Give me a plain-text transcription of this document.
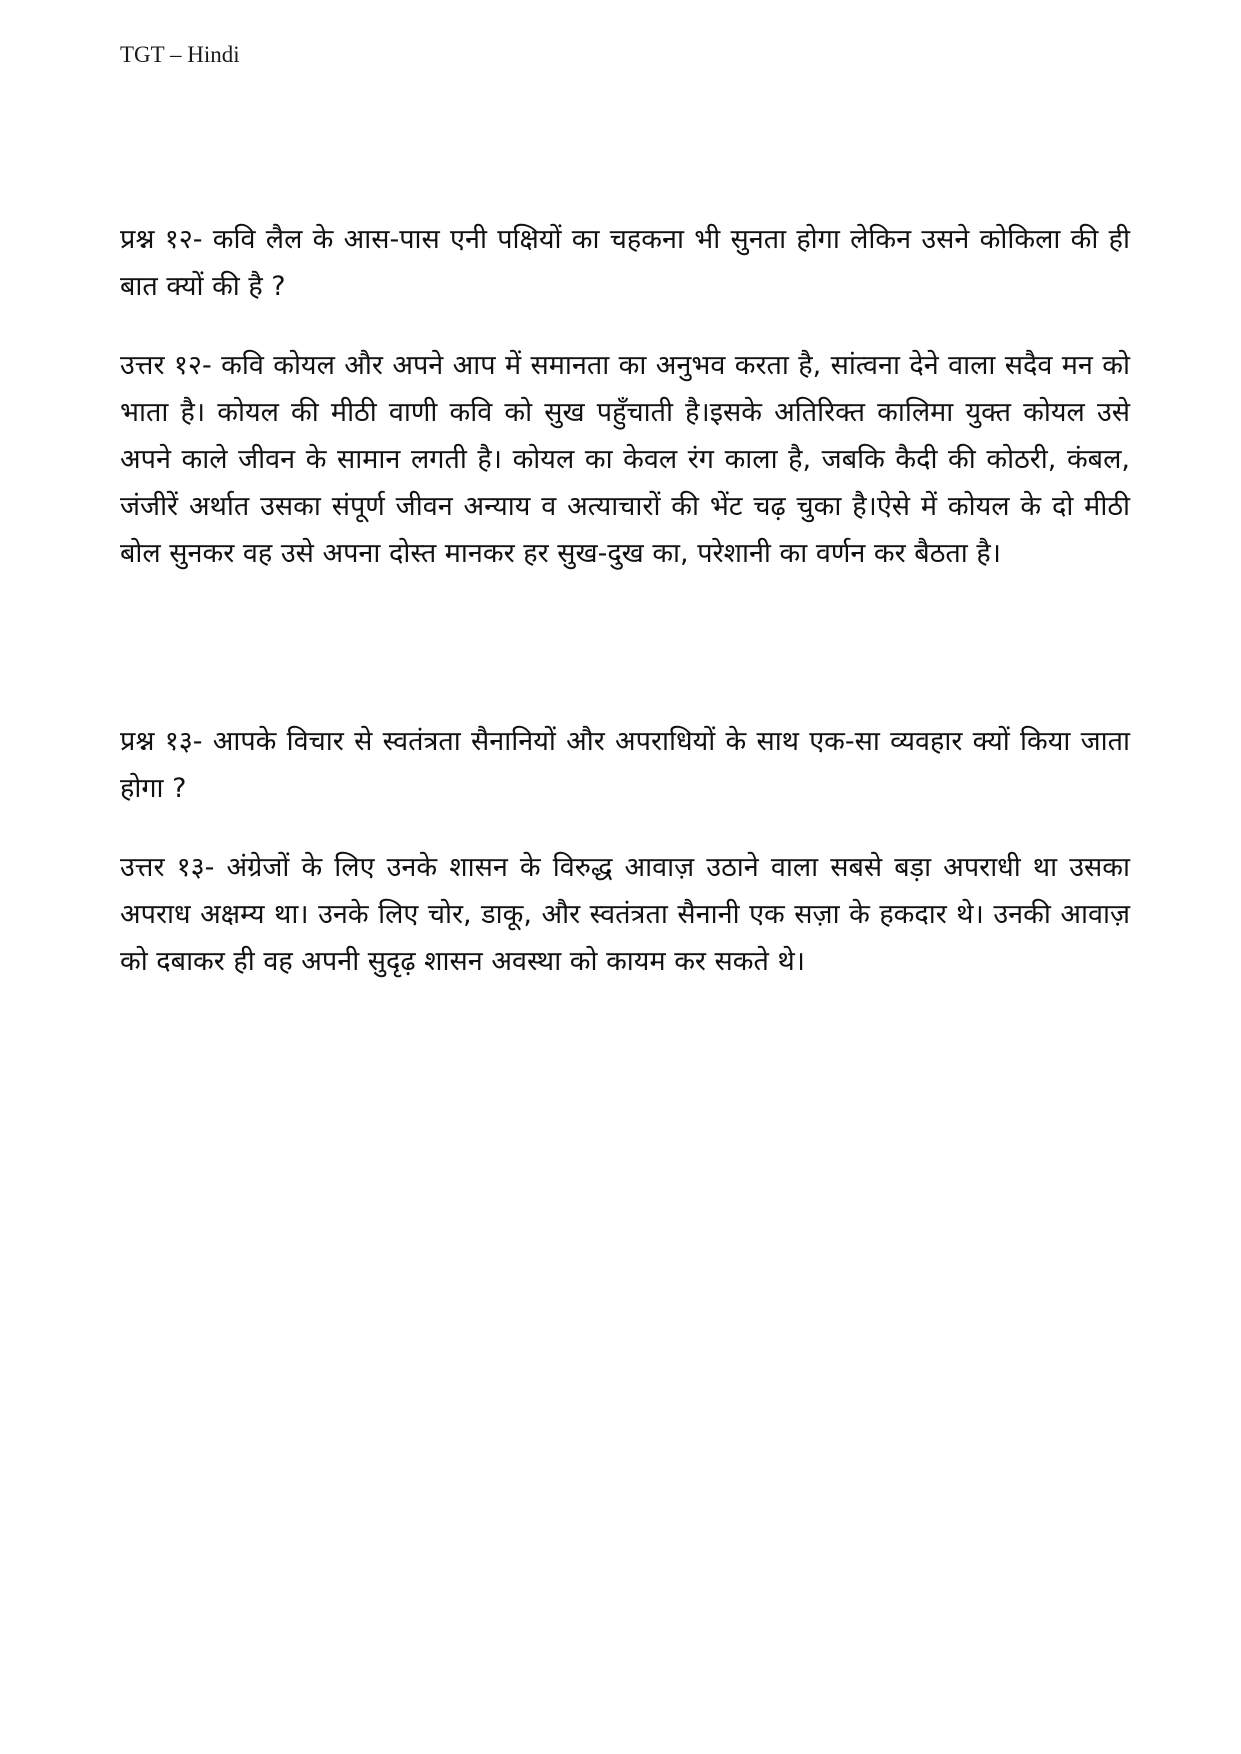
TGT – Hindi

प्रश्न १२- कवि लैल के आस-पास एनी पक्षियों का चहकना भी सुनता होगा लेकिन उसने कोकिला की ही बात क्यों की है ?

उत्तर १२- कवि कोयल और अपने आप में समानता का अनुभव करता है, सांत्वना देने वाला सदैव मन को भाता है। कोयल की मीठी वाणी कवि को सुख पहुँचाती है।इसके अतिरिक्त कालिमा युक्त कोयल उसे अपने काले जीवन के सामान लगती है। कोयल का केवल रंग काला है, जबकि कैदी की कोठरी, कंबल, जंजीरें अर्थात उसका संपूर्ण जीवन अन्याय व अत्याचारों की भेंट चढ़ चुका है।ऐसे में कोयल के दो मीठी बोल सुनकर वह उसे अपना दोस्त मानकर हर सुख-दुख का, परेशानी का वर्णन कर बैठता है।

प्रश्न १३- आपके विचार से स्वतंत्रता सैनानियों और अपराधियों के साथ एक-सा व्यवहार क्यों किया जाता होगा ?

उत्तर १३- अंग्रेजों के लिए उनके शासन के विरुद्ध आवाज़ उठाने वाला सबसे बड़ा अपराधी था उसका अपराध अक्षम्य था। उनके लिए चोर, डाकू, और स्वतंत्रता सैनानी एक सज़ा के हकदार थे। उनकी आवाज़ को दबाकर ही वह अपनी सुदृढ़ शासन अवस्था को कायम कर सकते थे।
